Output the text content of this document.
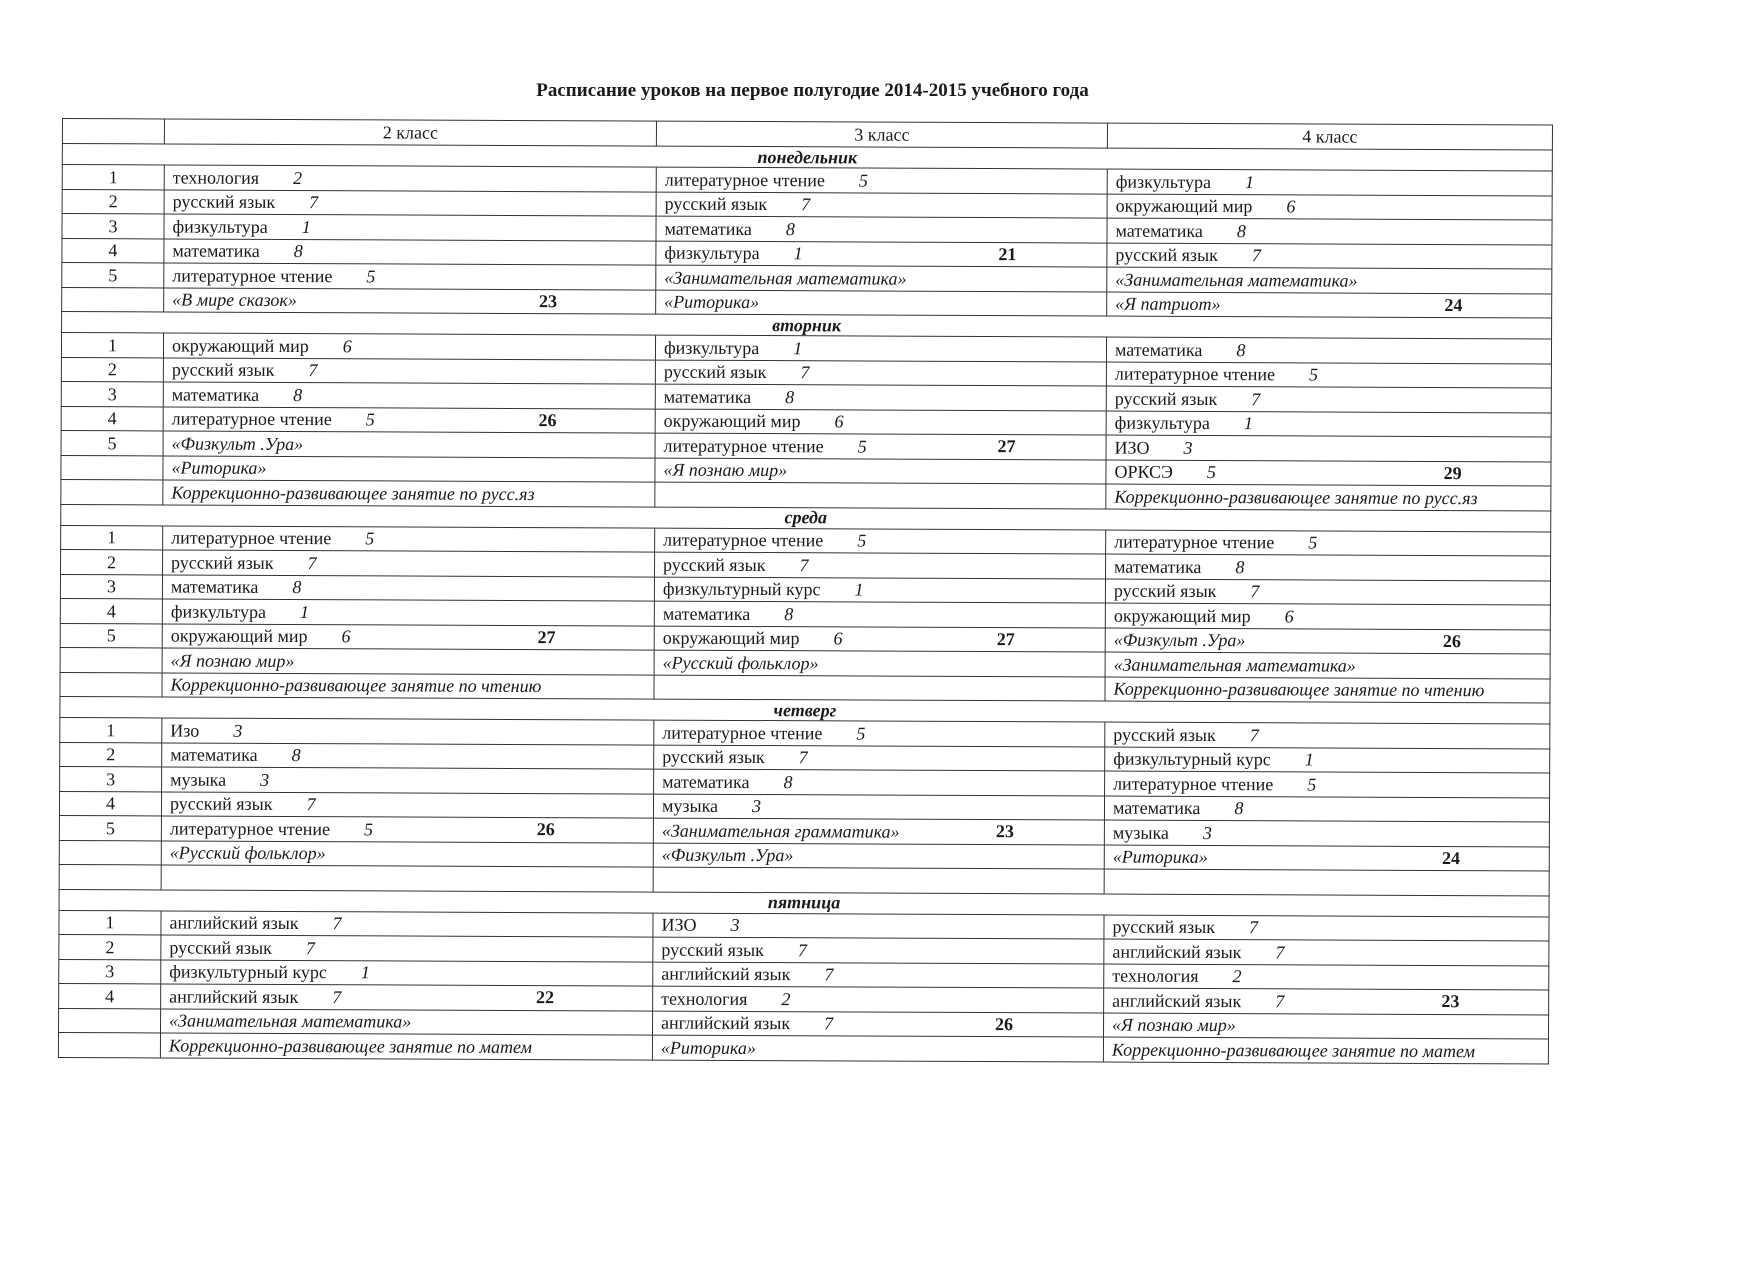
Расписание уроков на первое полугодие 2014-2015 учебного года
	2 класс	3 класс	4 класс
понедельник			
1	технология 2	литературное чтение 5	физкультура 1
2	русский язык 7	русский язык 7	окружающий мир 6
3	физкультура 1	математика 8	математика 8
4	математика 8	физкультура 1 21	русский язык 7
5	литературное чтение 5	«Занимательная математика»	«Занимательная математика»
	«В мире сказок» 23	«Риторика»	«Я патриот» 24

вторник			
1	окружающий мир 6	физкультура 1	математика 8
2	русский язык 7	русский язык 7	литературное чтение 5
3	математика 8	математика 8	русский язык 7
4	литературное чтение 5 26	окружающий мир 6	физкультура 1
5	«Физкульт .Ура»	литературное чтение 5 27	ИЗО 3
	«Риторика»	«Я познаю мир»	ОРКСЭ 5 29

	Коррекционно-развивающее занятие по русс.яз		Коррекционно-развивающее занятие по русс.яз
среда			
1	литературное чтение 5	литературное чтение 5	литературное чтение 5
2	русский язык 7	русский язык 7	математика 8
3	математика 8	физкультурный курс 1	русский язык 7
4	физкультура 1	математика 8	окружающий мир 6
5	окружающий мир 6 27	окружающий мир 6 27	«Физкульт .Ура» 26

	«Я познаю мир»	«Русский фольклор»	«Занимательная математика»
	Коррекционно-развивающее занятие по чтению		Коррекционно-развивающее занятие по чтению
четверг			
1	Изо 3	литературное чтение 5	русский язык 7
2	математика 8	русский язык 7	физкультурный курс 1
3	музыка 3	математика 8	литературное чтение 5
4	русский язык 7	музыка 3	математика 8
5	литературное чтение 5 26	«Занимательная грамматика» 23	музыка 3
	«Русский фольклор»	«Физкульт .Ура»	«Риторика» 24

пятница			
1	английский язык 7	ИЗО 3	русский язык 7
2	русский язык 7	русский язык 7	английский язык 7
3	физкультурный курс 1	английский язык 7	технология 2
4	английский язык 7 22	технология 2	английский язык 7 23

	«Занимательная математика»	английский язык 7 26	«Я познаю мир»
	Коррекционно-развивающее занятие по матем	«Риторика»	Коррекционно-развивающее занятие по матем
